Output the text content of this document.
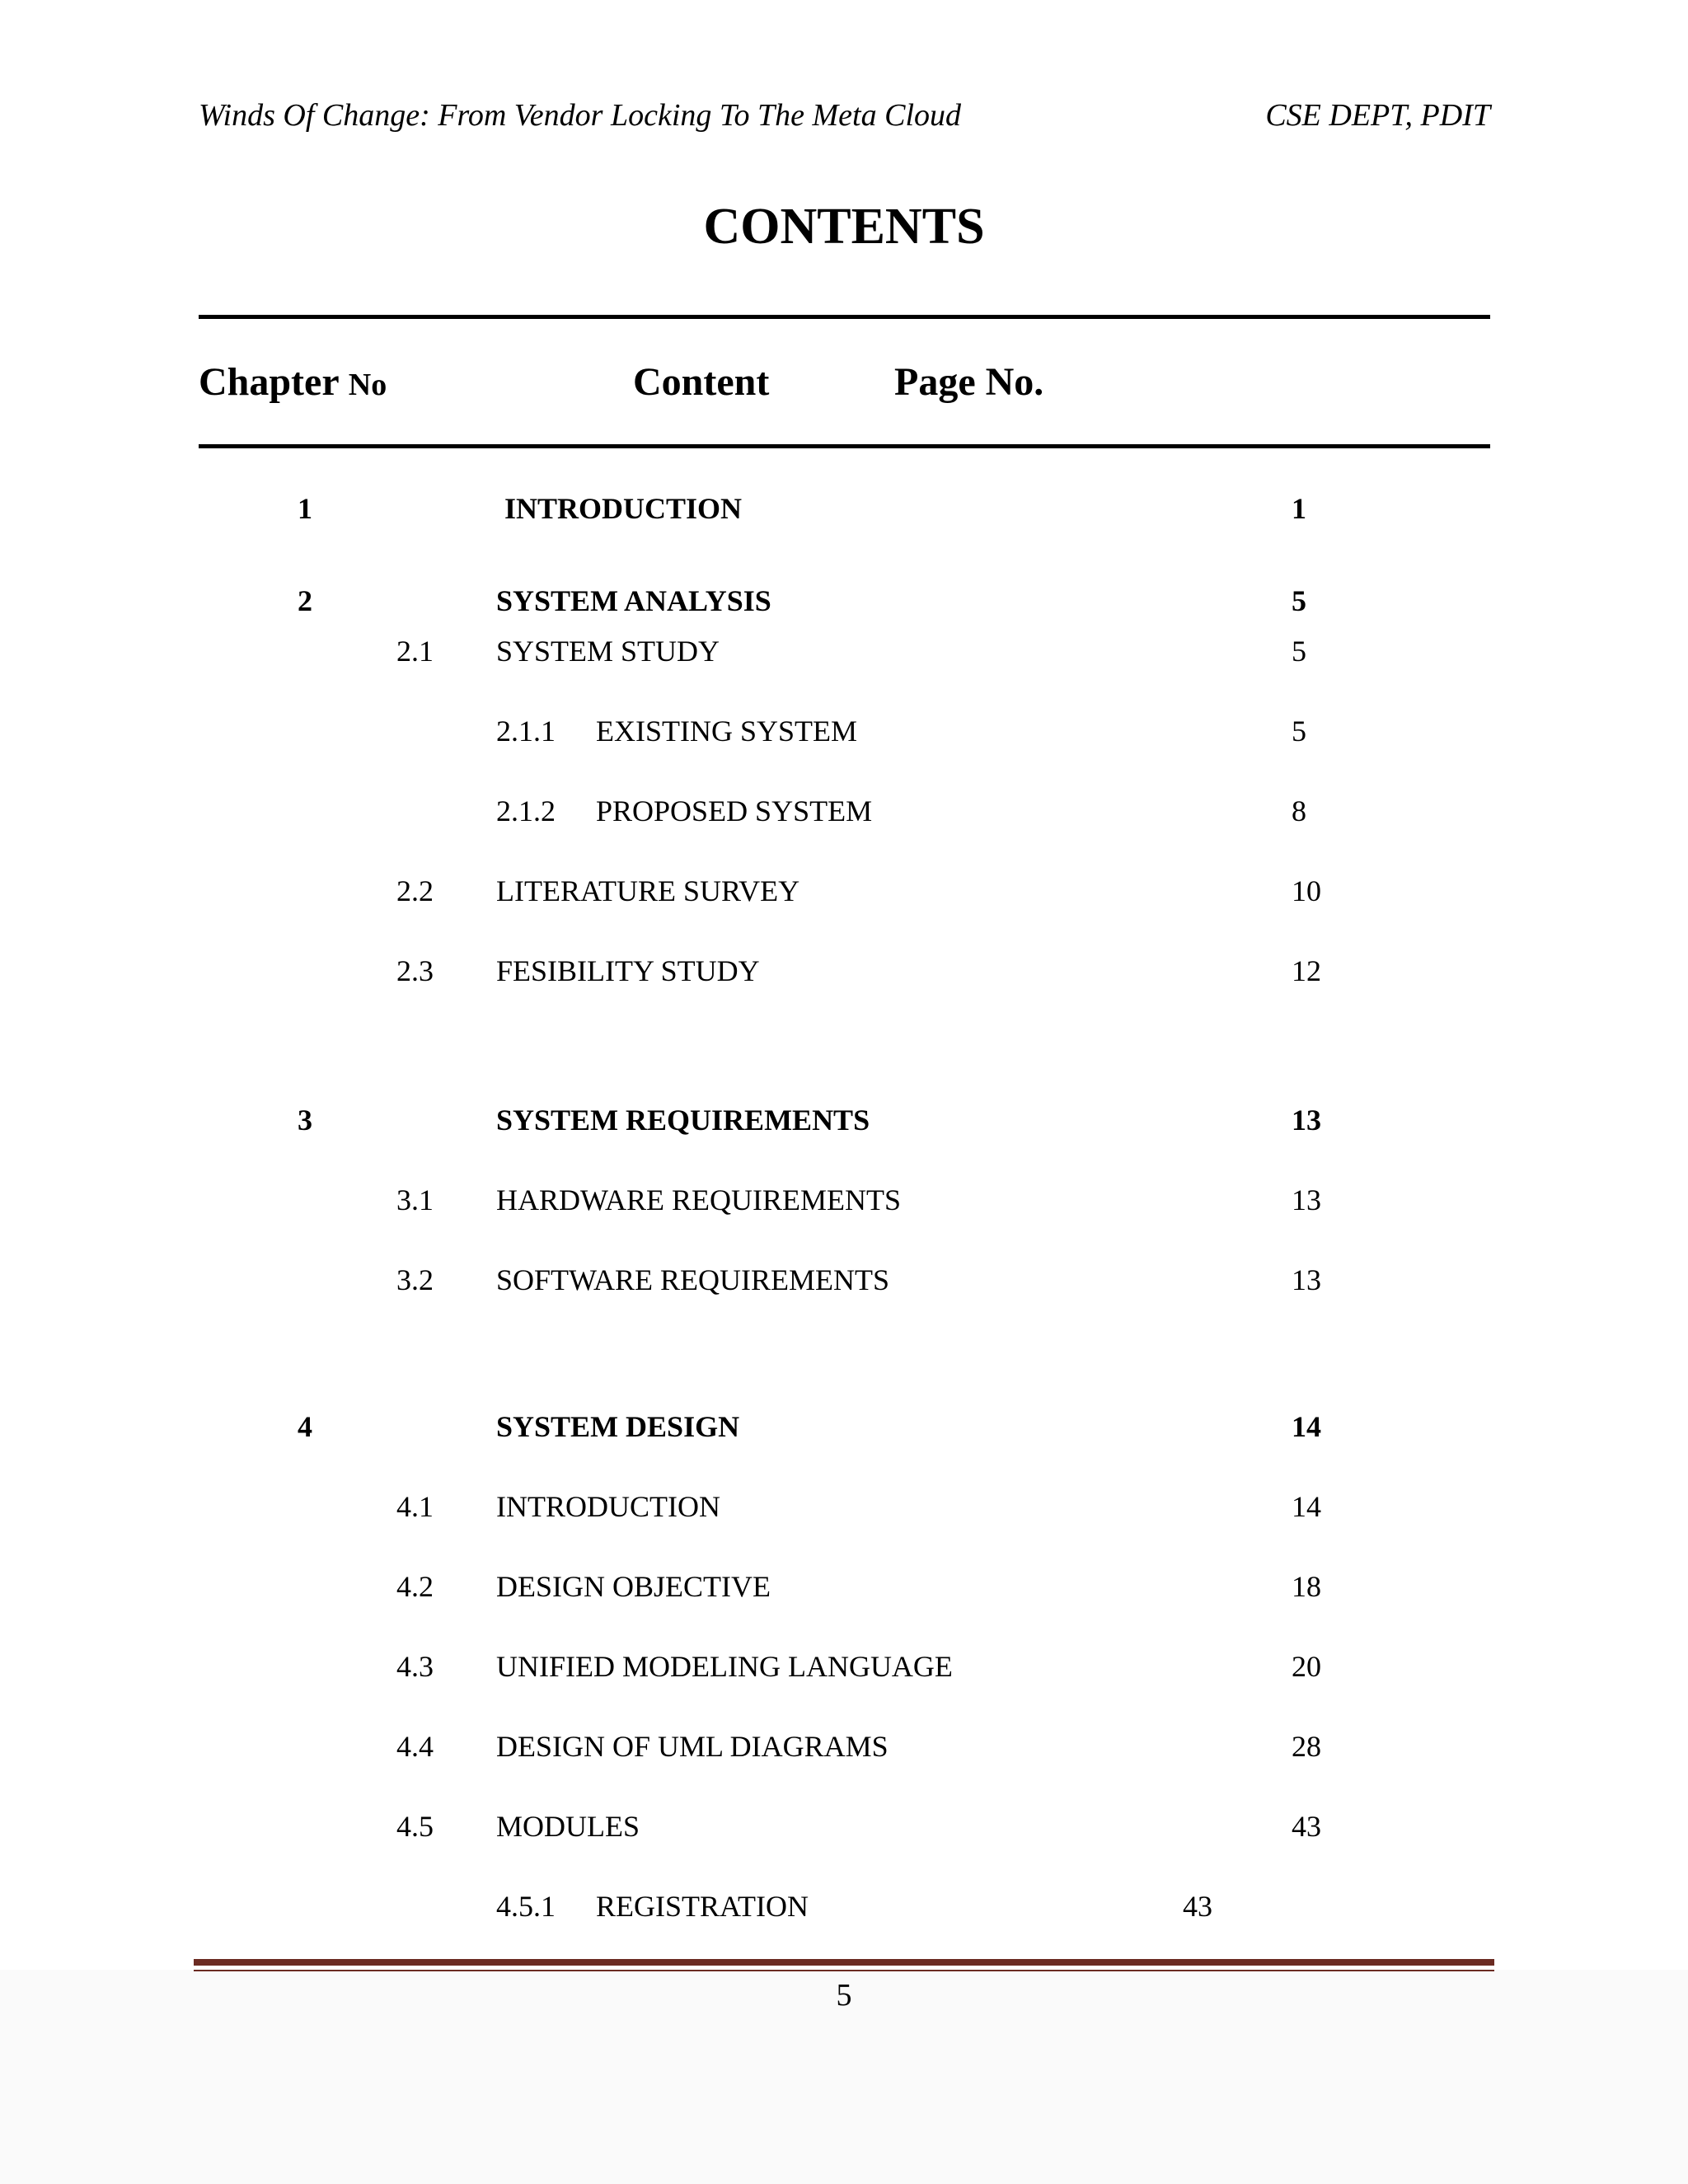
Winds Of Change: From Vendor Locking To The Meta Cloud	CSE DEPT, PDIT
CONTENTS
Chapter No	Content	Page No.
1	INTRODUCTION	1
2	SYSTEM ANALYSIS	5
2.1 SYSTEM STUDY	5
2.1.1 EXISTING SYSTEM	5
2.1.2 PROPOSED SYSTEM	8
2.2 LITERATURE SURVEY	10
2.3 FESIBILITY STUDY	12
3	SYSTEM REQUIREMENTS	13
3.1 HARDWARE REQUIREMENTS	13
3.2 SOFTWARE REQUIREMENTS	13
4	SYSTEM DESIGN	14
4.1 INTRODUCTION	14
4.2 DESIGN OBJECTIVE	18
4.3 UNIFIED MODELING LANGUAGE	20
4.4 DESIGN OF UML DIAGRAMS	28
4.5 MODULES	43
4.5.1 REGISTRATION	43
5
